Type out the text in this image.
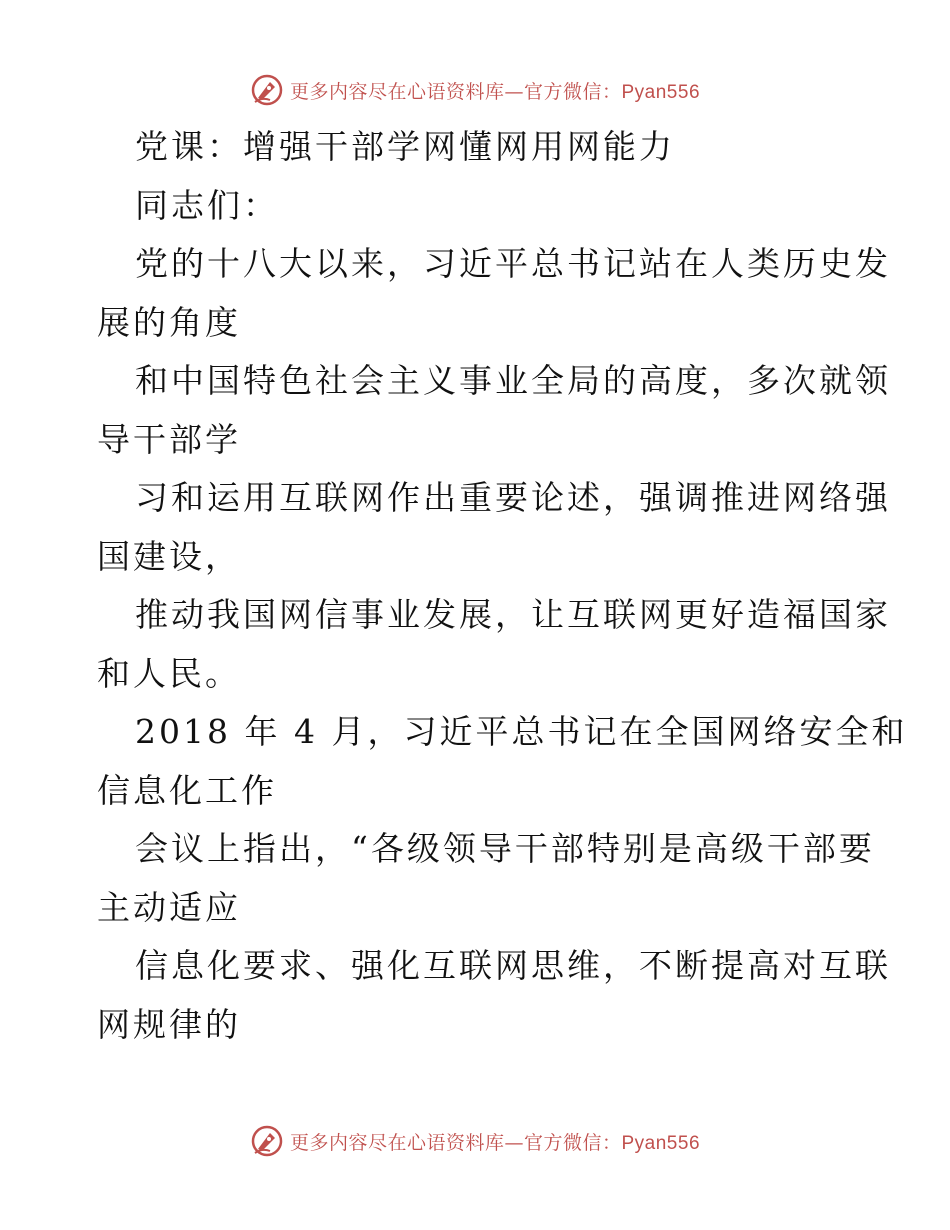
更多内容尽在心语资料库—官方微信：Pyan556
党课：增强干部学网懂网用网能力
同志们：
党的十八大以来，习近平总书记站在人类历史发
展的角度
和中国特色社会主义事业全局的高度，多次就领
导干部学
习和运用互联网作出重要论述，强调推进网络强
国建设，
推动我国网信事业发展，让互联网更好造福国家
和人民。
2018 年 4 月，习近平总书记在全国网络安全和
信息化工作
会议上指出，“各级领导干部特别是高级干部要
主动适应
信息化要求、强化互联网思维，不断提高对互联
网规律的
更多内容尽在心语资料库—官方微信：Pyan556
